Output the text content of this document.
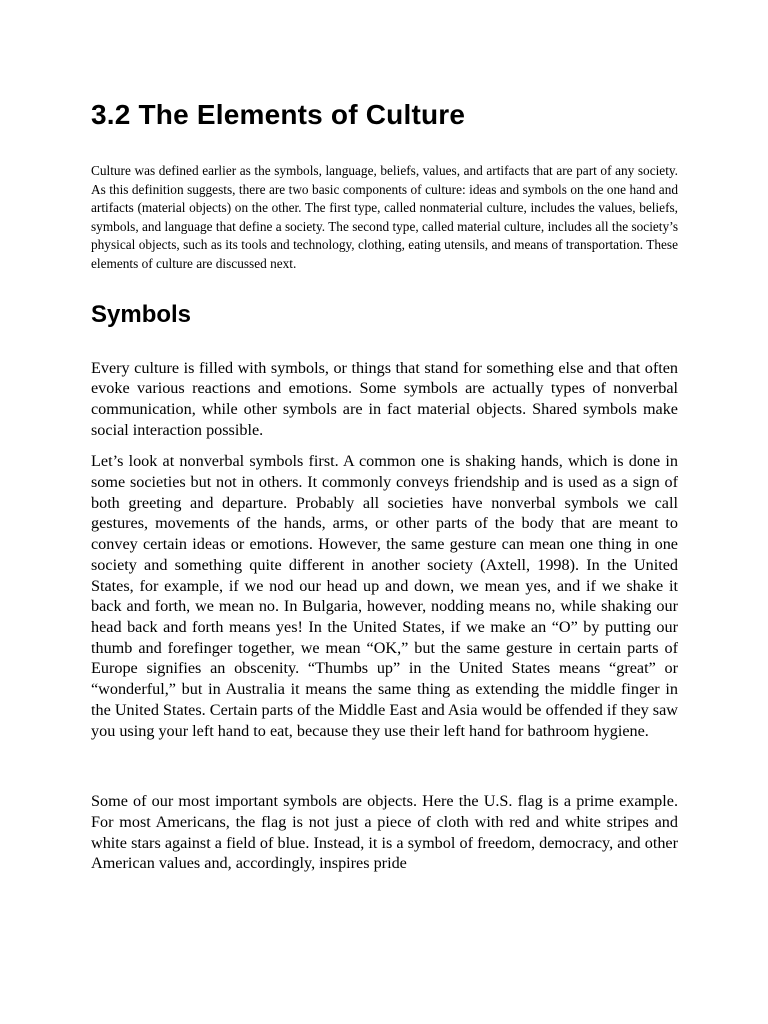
3.2 The Elements of Culture

Culture was defined earlier as the symbols, language, beliefs, values, and artifacts that are part of any society. As this definition suggests, there are two basic components of culture: ideas and symbols on the one hand and artifacts (material objects) on the other. The first type, called nonmaterial culture, includes the values, beliefs, symbols, and language that define a society. The second type, called material culture, includes all the society’s physical objects, such as its tools and technology, clothing, eating utensils, and means of transportation. These elements of culture are discussed next.

Symbols

Every culture is filled with symbols, or things that stand for something else and that often evoke various reactions and emotions. Some symbols are actually types of nonverbal communication, while other symbols are in fact material objects. Shared symbols make social interaction possible.

Let’s look at nonverbal symbols first. A common one is shaking hands, which is done in some societies but not in others. It commonly conveys friendship and is used as a sign of both greeting and departure. Probably all societies have nonverbal symbols we call gestures, movements of the hands, arms, or other parts of the body that are meant to convey certain ideas or emotions. However, the same gesture can mean one thing in one society and something quite different in another society (Axtell, 1998). In the United States, for example, if we nod our head up and down, we mean yes, and if we shake it back and forth, we mean no. In Bulgaria, however, nodding means no, while shaking our head back and forth means yes! In the United States, if we make an “O” by putting our thumb and forefinger together, we mean “OK,” but the same gesture in certain parts of Europe signifies an obscenity. “Thumbs up” in the United States means “great” or “wonderful,” but in Australia it means the same thing as extending the middle finger in the United States. Certain parts of the Middle East and Asia would be offended if they saw you using your left hand to eat, because they use their left hand for bathroom hygiene.

Some of our most important symbols are objects. Here the U.S. flag is a prime example. For most Americans, the flag is not just a piece of cloth with red and white stripes and white stars against a field of blue. Instead, it is a symbol of freedom, democracy, and other American values and, accordingly, inspires pride
